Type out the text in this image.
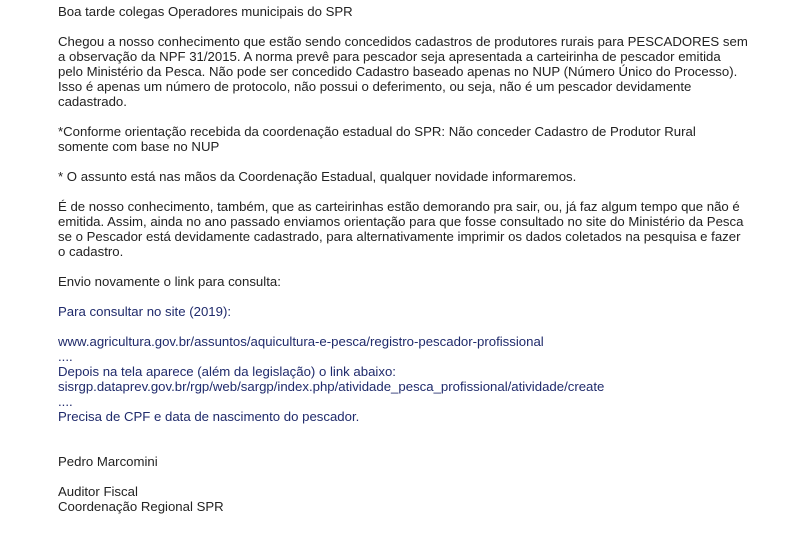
Boa tarde colegas Operadores municipais do SPR

Chegou a nosso conhecimento que estão sendo concedidos cadastros de produtores rurais para PESCADORES sem a observação da NPF 31/2015. A norma prevê para pescador seja apresentada a carteirinha de pescador emitida pelo Ministério da Pesca. Não pode ser concedido Cadastro baseado apenas no NUP (Número Único do Processo). Isso é apenas um número de protocolo, não possui o deferimento, ou seja, não é um pescador devidamente cadastrado.

*Conforme orientação recebida da coordenação estadual do SPR: Não conceder Cadastro de Produtor Rural somente com base no NUP

* O assunto está nas mãos da Coordenação Estadual, qualquer novidade informaremos.

É de nosso conhecimento, também, que as carteirinhas estão demorando pra sair, ou, já faz algum tempo que não é emitida. Assim, ainda no ano passado enviamos orientação para que fosse consultado no site do Ministério da Pesca se o Pescador está devidamente cadastrado, para alternativamente imprimir os dados coletados na pesquisa e fazer o cadastro.

Envio novamente o link para consulta:

Para consultar no site (2019):

www.agricultura.gov.br/assuntos/aquicultura-e-pesca/registro-pescador-profissional

....

Depois na tela aparece (além da legislação) o link abaixo:

sisrgp.dataprev.gov.br/rgp/web/sargp/index.php/atividade_pesca_profissional/atividade/create

....

Precisa de CPF e data de nascimento do pescador.

Pedro Marcomini

Auditor Fiscal

Coordenação Regional SPR
